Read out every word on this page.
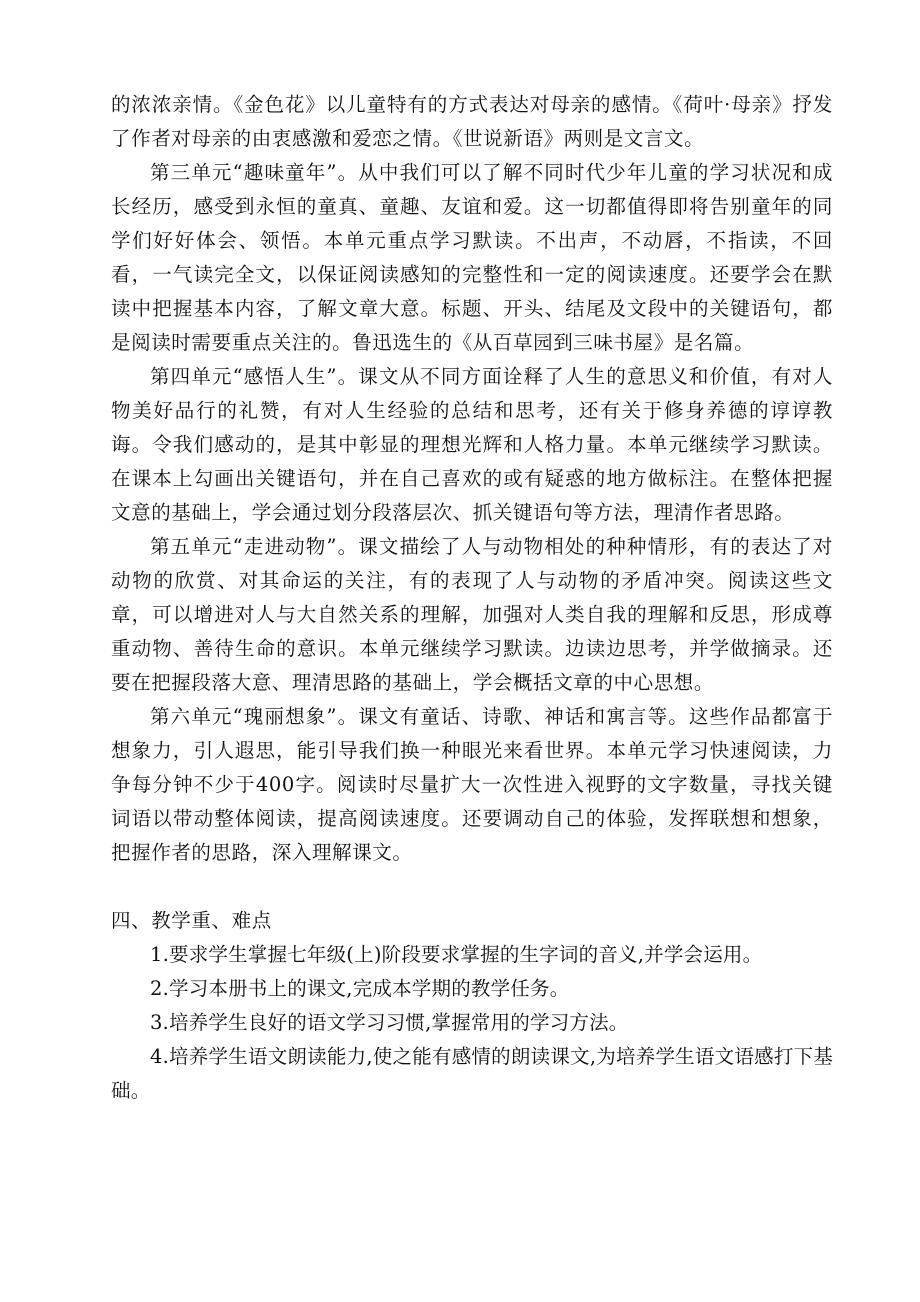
的浓浓亲情。《金色花》以儿童特有的方式表达对母亲的感情。《荷叶·母亲》抒发了作者对母亲的由衷感激和爱恋之情。《世说新语》两则是文言文。

第三单元“趣味童年”。从中我们可以了解不同时代少年儿童的学习状况和成长经历，感受到永恒的童真、童趣、友谊和爱。这一切都值得即将告别童年的同学们好好体会、领悟。本单元重点学习默读。不出声，不动唇，不指读，不回看，一气读完全文，以保证阅读感知的完整性和一定的阅读速度。还要学会在默读中把握基本内容，了解文章大意。标题、开头、结尾及文段中的关键语句，都是阅读时需要重点关注的。鲁迅选生的《从百草园到三味书屋》是名篇。

第四单元“感悟人生”。课文从不同方面诠释了人生的意思义和价值，有对人物美好品行的礼赞，有对人生经验的总结和思考，还有关于修身养德的谆谆教诲。令我们感动的，是其中彰显的理想光辉和人格力量。本单元继续学习默读。在课本上勾画出关键语句，并在自己喜欢的或有疑惑的地方做标注。在整体把握文意的基础上，学会通过划分段落层次、抓关键语句等方法，理清作者思路。

第五单元“走进动物”。课文描绘了人与动物相处的种种情形，有的表达了对动物的欣赏、对其命运的关注，有的表现了人与动物的矛盾冲突。阅读这些文章，可以增进对人与大自然关系的理解，加强对人类自我的理解和反思，形成尊重动物、善待生命的意识。本单元继续学习默读。边读边思考，并学做摘录。还要在把握段落大意、理清思路的基础上，学会概括文章的中心思想。

第六单元“瑰丽想象”。课文有童话、诗歌、神话和寓言等。这些作品都富于想象力，引人遐思，能引导我们换一种眼光来看世界。本单元学习快速阅读，力争每分钟不少于400字。阅读时尽量扩大一次性进入视野的文字数量，寻找关键词语以带动整体阅读，提高阅读速度。还要调动自己的体验，发挥联想和想象，把握作者的思路，深入理解课文。

四、教学重、难点

1.要求学生掌握七年级(上)阶段要求掌握的生字词的音义,并学会运用。

2.学习本册书上的课文,完成本学期的教学任务。

3.培养学生良好的语文学习习惯,掌握常用的学习方法。

4.培养学生语文朗读能力,使之能有感情的朗读课文,为培养学生语文语感打下基础。
